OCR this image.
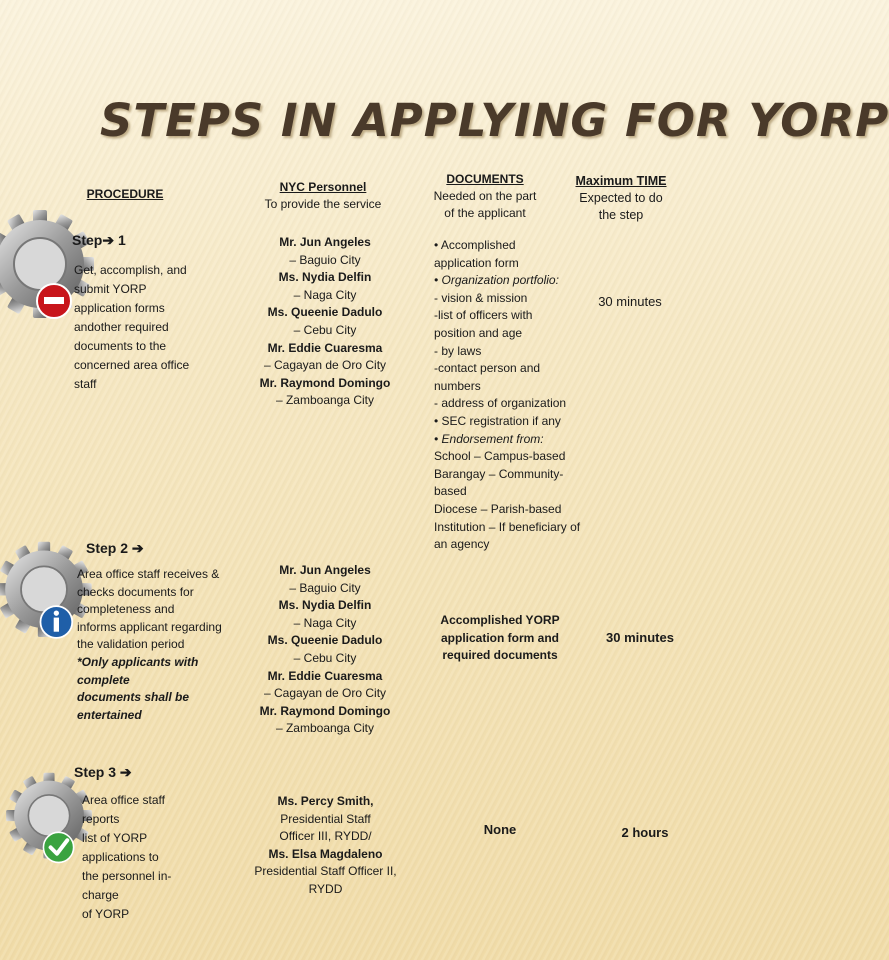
STEPS IN APPLYING FOR YORP
PROCEDURE	NYC Personnel
To provide the service
DOCUMENTS
Needed on the part
of the applicant
Maximum TIME
Expected to do
the step
Step➔ 1
Step 2 ➔
Step 3 ➔
Get, accomplish, and
submit YORP
application forms
andother required
documents to the
concerned area office
staff
Mr. Jun Angeles
– Baguio City
Ms. Nydia Delfin
– Naga City
Ms. Queenie Dadulo
– Cebu City
Mr. Eddie Cuaresma
– Cagayan de Oro City
Mr. Raymond Domingo
– Zamboanga City
• Accomplished
application form
• Organization portfolio:
- vision & mission
-list of officers with
position and age
- by laws
-contact person and
numbers
- address of organization
• SEC registration if any
• Endorsement from:
School – Campus-based
Barangay – Community-
based
Diocese – Parish-based
Institution – If beneficiary of
an agency
30 minutes
Area office staff receives &
checks documents for
completeness and
informs applicant regarding
the validation period
*Only applicants with
complete
documents shall be
entertained
Mr. Jun Angeles
– Baguio City
Ms. Nydia Delfin
– Naga City
Ms. Queenie Dadulo
– Cebu City
Mr. Eddie Cuaresma
– Cagayan de Oro City
Mr. Raymond Domingo
– Zamboanga City
Accomplished YORP
application form and
required documents
30 minutes
Area office staff
reports
list of YORP
applications to
the personnel in-
charge
of YORP
Ms. Percy Smith,
Presidential Staff
Officer III, RYDD/
Ms. Elsa Magdaleno
Presidential Staff Officer II,
RYDD
None	2 hours
